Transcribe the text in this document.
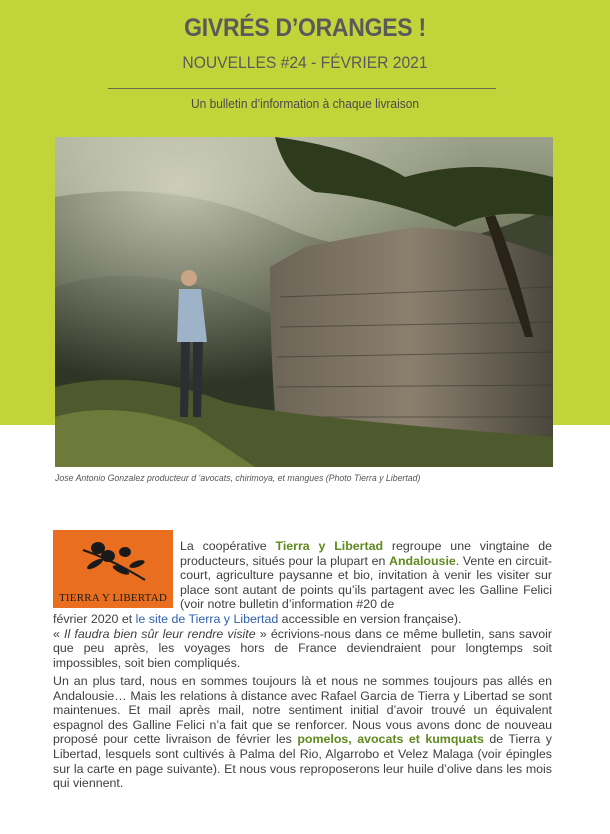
GIVRÉS D’ORANGES !
NOUVELLES #24 - FÉVRIER 2021
Un bulletin d’information à chaque livraison
Jose Antonio Gonzalez producteur d ‘avocats, chirimoya, et mangues (Photo Tierra y Libertad)
TIERRA Y LIBERTAD

La coopérative Tierra y Libertad regroupe une vingtaine de producteurs, situés pour la plupart en Andalousie. Vente en circuit-court, agriculture paysanne et bio, invitation à venir les visiter sur place sont autant de points qu’ils partagent avec les Galline Felici (voir notre bulletin d’information #20 de

février 2020 et le site de Tierra y Libertad accessible en version française).
« Il faudra bien sûr leur rendre visite » écrivions-nous dans ce même bulletin, sans savoir que peu après, les voyages hors de France deviendraient pour longtemps soit impossibles, soit bien compliqués.

Un an plus tard, nous en sommes toujours là et nous ne sommes toujours pas allés en Andalousie… Mais les relations à distance avec Rafael Garcia de Tierra y Libertad se sont maintenues. Et mail après mail, notre sentiment initial d’avoir trouvé un équivalent espagnol des Galline Felici n’a fait que se renforcer. Nous vous avons donc de nouveau proposé pour cette livraison de février les pomelos, avocats et kumquats de Tierra y Libertad, lesquels sont cultivés à Palma del Rio, Algarrobo et Velez Malaga (voir épingles sur la carte en page suivante). Et nous vous reproposerons leur huile d’olive dans les mois qui viennent.
